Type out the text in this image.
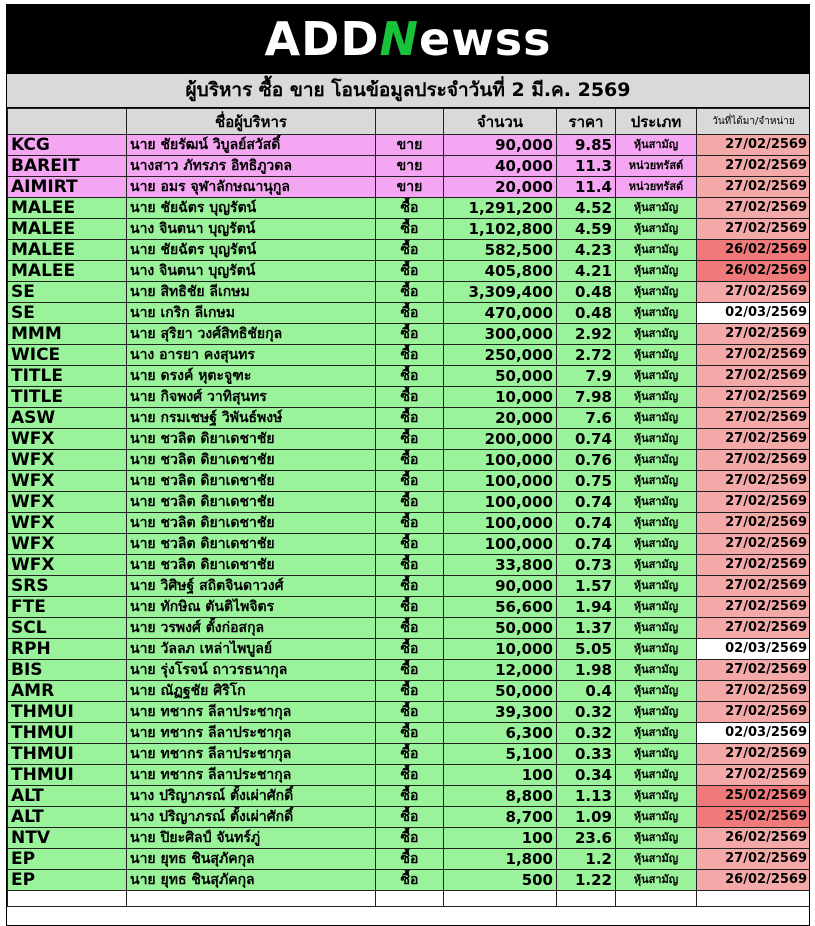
ADDNewss
ผู้บริหาร ซื้อ ขาย โอนข้อมูลประจำวันที่ 2 มี.ค. 2569
	ชื่อผู้บริหาร		จำนวน	ราคา	ประเภท	วันที่ได้มา/จำหน่าย
KCG	นาย ชัยรัฒน์ วิบูลย์สวัสดิ์	ขาย	90,000	9.85	หุ้นสามัญ	27/02/2569
BAREIT	นางสาว ภัทรภร อิทธิภูวดล	ขาย	40,000	11.3	หน่วยทรัสต์	27/02/2569
AIMIRT	นาย อมร จุฬาลักษณานุกูล	ขาย	20,000	11.4	หน่วยทรัสต์	27/02/2569
MALEE	นาย ชัยฉัตร บุญรัตน์	ซื้อ	1,291,200	4.52	หุ้นสามัญ	27/02/2569
MALEE	นาง จินตนา บุญรัตน์	ซื้อ	1,102,800	4.59	หุ้นสามัญ	27/02/2569
MALEE	นาย ชัยฉัตร บุญรัตน์	ซื้อ	582,500	4.23	หุ้นสามัญ	26/02/2569
MALEE	นาง จินตนา บุญรัตน์	ซื้อ	405,800	4.21	หุ้นสามัญ	26/02/2569
SE	นาย สิทธิชัย ลีเกษม	ซื้อ	3,309,400	0.48	หุ้นสามัญ	27/02/2569
SE	นาย เกริก ลีเกษม	ซื้อ	470,000	0.48	หุ้นสามัญ	02/03/2569
MMM	นาย สุริยา วงศ์สิทธิชัยกุล	ซื้อ	300,000	2.92	หุ้นสามัญ	27/02/2569
WICE	นาง อารยา คงสุนทร	ซื้อ	250,000	2.72	หุ้นสามัญ	27/02/2569
TITLE	นาย ดรงค์ หุตะจูฑะ	ซื้อ	50,000	7.9	หุ้นสามัญ	27/02/2569
TITLE	นาย กิจพงศ์ วาทิสุนทร	ซื้อ	10,000	7.98	หุ้นสามัญ	27/02/2569
ASW	นาย กรมเชษฐ์ วิพันธ์พงษ์	ซื้อ	20,000	7.6	หุ้นสามัญ	27/02/2569
WFX	นาย ชวลิต ดิยาเดชาชัย	ซื้อ	200,000	0.74	หุ้นสามัญ	27/02/2569
WFX	นาย ชวลิต ดิยาเดชาชัย	ซื้อ	100,000	0.76	หุ้นสามัญ	27/02/2569
WFX	นาย ชวลิต ดิยาเดชาชัย	ซื้อ	100,000	0.75	หุ้นสามัญ	27/02/2569
WFX	นาย ชวลิต ดิยาเดชาชัย	ซื้อ	100,000	0.74	หุ้นสามัญ	27/02/2569
WFX	นาย ชวลิต ดิยาเดชาชัย	ซื้อ	100,000	0.74	หุ้นสามัญ	27/02/2569
WFX	นาย ชวลิต ดิยาเดชาชัย	ซื้อ	100,000	0.74	หุ้นสามัญ	27/02/2569
WFX	นาย ชวลิต ดิยาเดชาชัย	ซื้อ	33,800	0.73	หุ้นสามัญ	27/02/2569
SRS	นาย วิศิษฐ์ สถิตจินดาวงศ์	ซื้อ	90,000	1.57	หุ้นสามัญ	27/02/2569
FTE	นาย ทักษิณ ตันติไพจิตร	ซื้อ	56,600	1.94	หุ้นสามัญ	27/02/2569
SCL	นาย วรพงศ์ ตั้งก่อสกุล	ซื้อ	50,000	1.37	หุ้นสามัญ	27/02/2569
RPH	นาย วัลลภ เหล่าไพบูลย์	ซื้อ	10,000	5.05	หุ้นสามัญ	02/03/2569
BIS	นาย รุ่งโรจน์ ถาวรธนากุล	ซื้อ	12,000	1.98	หุ้นสามัญ	27/02/2569
AMR	นาย ณัฏฐชัย ศิริโก	ซื้อ	50,000	0.4	หุ้นสามัญ	27/02/2569
THMUI	นาย ทชากร ลีลาประชากุล	ซื้อ	39,300	0.32	หุ้นสามัญ	27/02/2569
THMUI	นาย ทชากร ลีลาประชากุล	ซื้อ	6,300	0.32	หุ้นสามัญ	02/03/2569
THMUI	นาย ทชากร ลีลาประชากุล	ซื้อ	5,100	0.33	หุ้นสามัญ	27/02/2569
THMUI	นาย ทชากร ลีลาประชากุล	ซื้อ	100	0.34	หุ้นสามัญ	27/02/2569
ALT	นาง ปริญาภรณ์ ตั้งเผ่าศักดิ์	ซื้อ	8,800	1.13	หุ้นสามัญ	25/02/2569
ALT	นาง ปริญาภรณ์ ตั้งเผ่าศักดิ์	ซื้อ	8,700	1.09	หุ้นสามัญ	25/02/2569
NTV	นาย ปิยะศิลป์ จันทร์ภู่	ซื้อ	100	23.6	หุ้นสามัญ	26/02/2569
EP	นาย ยุทธ ชินสุภัคกุล	ซื้อ	1,800	1.2	หุ้นสามัญ	27/02/2569
EP	นาย ยุทธ ชินสุภัคกุล	ซื้อ	500	1.22	หุ้นสามัญ	26/02/2569
